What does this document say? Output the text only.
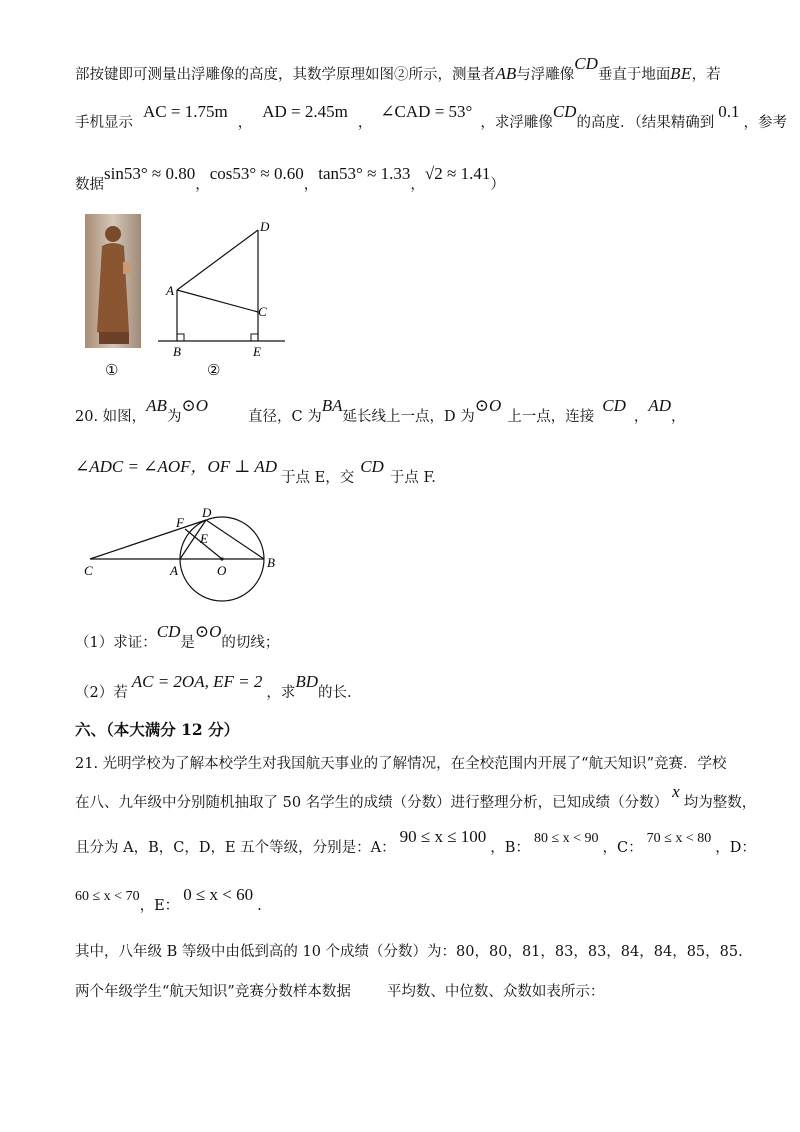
部按键即可测量出浮雕像的高度，其数学原理如图②所示，测量者AB与浮雕像CD垂直于地面BE，若
手机显示AC = 1.75m，AD = 2.45m，∠CAD = 53°，求浮雕像CD的高度．（结果精确到0.1，参考
数据sin53° ≈ 0.80，cos53° ≈ 0.60，tan53° ≈ 1.33，√2 ≈ 1.41）
①
D
A
C
B	E
②
20. 如图，AB为⊙O直径，C 为BA延长线上一点，D 为⊙O上一点，连接CD，AD，
∠ADC = ∠AOF，OF ⊥ AD于点 E，交CD于点 F.
F
D
E
C	A	O
B
（1）求证：CD是⊙O的切线；
（2）若AC = 2OA, EF = 2，求BD的长.
六、（本大满分 12 分）
21. 光明学校为了解本校学生对我国航天事业的了解情况，在全校范围内开展了“航天知识”竞赛．学校
在八、九年级中分别随机抽取了 50 名学生的成绩（分数）进行整理分析，已知成绩（分数）x均为整数，
且分为 A，B，C，D，E 五个等级，分别是：A：90 ≤ x ≤ 100，B：80 ≤ x < 90，C：70 ≤ x < 80，D：
60 ≤ x < 70，E：0 ≤ x < 60.
其中，八年级 B 等级中由低到高的 10 个成绩（分数）为：80，80，81，83，83，84，84，85，85.
两个年级学生“航天知识”竞赛分数样本数据 平均数、中位数、众数如表所示：
